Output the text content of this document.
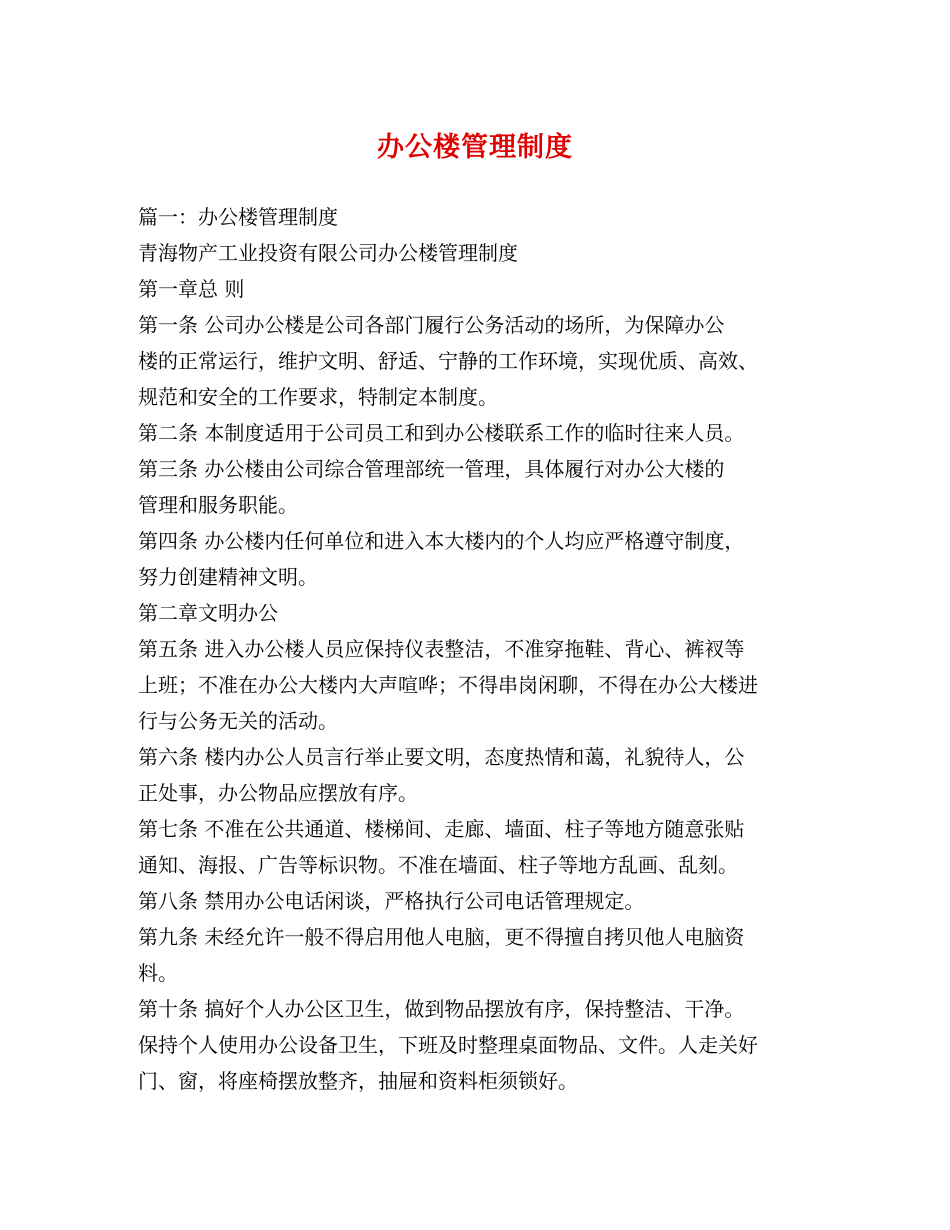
办公楼管理制度
篇一：办公楼管理制度
青海物产工业投资有限公司办公楼管理制度
第一章总 则
第一条 公司办公楼是公司各部门履行公务活动的场所，为保障办公
楼的正常运行，维护文明、舒适、宁静的工作环境，实现优质、高效、
规范和安全的工作要求，特制定本制度。
第二条 本制度适用于公司员工和到办公楼联系工作的临时往来人员。
第三条 办公楼由公司综合管理部统一管理，具体履行对办公大楼的
管理和服务职能。
第四条 办公楼内任何单位和进入本大楼内的个人均应严格遵守制度，
努力创建精神文明。
第二章文明办公
第五条 进入办公楼人员应保持仪表整洁，不准穿拖鞋、背心、裤衩等
上班；不准在办公大楼内大声喧哗；不得串岗闲聊，不得在办公大楼进
行与公务无关的活动。
第六条 楼内办公人员言行举止要文明，态度热情和蔼，礼貌待人，公
正处事，办公物品应摆放有序。
第七条 不准在公共通道、楼梯间、走廊、墙面、柱子等地方随意张贴
通知、海报、广告等标识物。不准在墙面、柱子等地方乱画、乱刻。
第八条 禁用办公电话闲谈，严格执行公司电话管理规定。
第九条 未经允许一般不得启用他人电脑，更不得擅自拷贝他人电脑资
料。
第十条 搞好个人办公区卫生，做到物品摆放有序，保持整洁、干净。
保持个人使用办公设备卫生，下班及时整理桌面物品、文件。人走关好
门、窗，将座椅摆放整齐，抽屉和资料柜须锁好。
